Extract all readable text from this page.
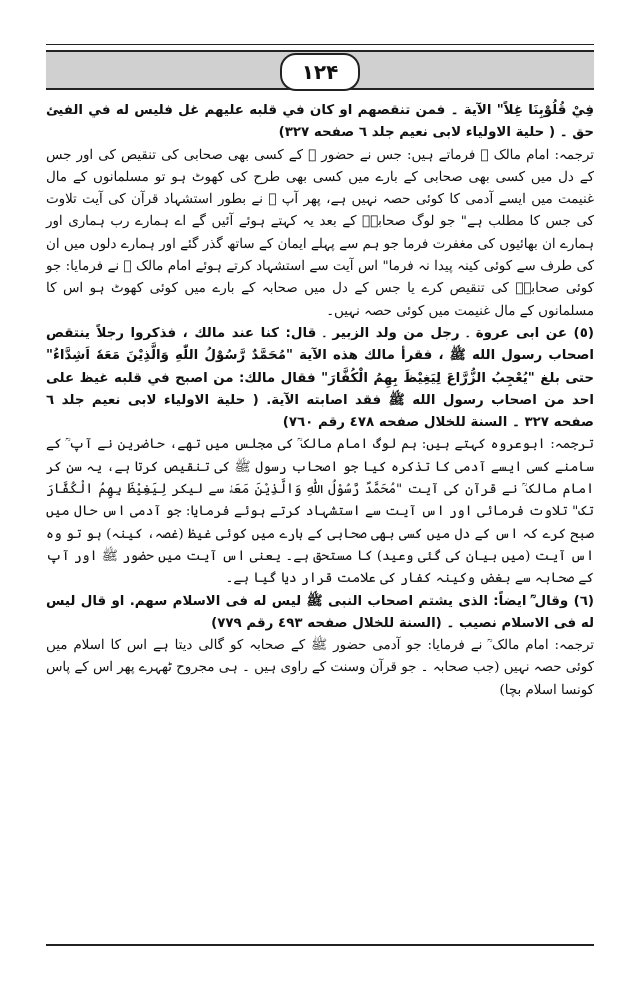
۱۲۴

فِيْ قُلُوْبِنَا غِلاً" الآية ۔ فمن تنقصهم او كان في قلبه عليهم غل فليس له في الفيئ حق ۔ ( حلية الاولياء لابی نعیم جلد ٦ صفحه ٣٢٧)

ترجمہ: امام مالک ؒ فرماتے ہیں: جس نے حضور ﷺ کے کسی بھی صحابی کی تنقیص کی اور جس کے دل میں کسی بھی صحابی کے بارے میں کسی بھی طرح کی کھوٹ ہو تو مسلمانوں کے مال غنیمت میں ایسے آدمی کا کوئی حصہ نہیں ہے، پھر آپ ؒ نے بطور استشہاد قرآن کی آیت تلاوت کی جس کا مطلب ہے" جو لوگ صحابہؓ کے بعد یہ کہتے ہوئے آئیں گے اے ہمارے رب ہماری اور ہمارے ان بھائیوں کی مغفرت فرما جو ہم سے پہلے ایمان کے ساتھ گذر گئے اور ہمارے دلوں میں ان کی طرف سے کوئی کینہ پیدا نہ فرما" اس آیت سے استشہاد کرتے ہوئے امام مالک ؒ نے فرمایا: جو کوئی صحابہؓ کی تنقیص کرے یا جس کے دل میں صحابہ کے بارے میں کوئی کھوٹ ہو اس کا مسلمانوں کے مال غنیمت میں کوئی حصہ نہیں۔

(٥) عن ابی عروة ۔ رجل من ولد الزبير ۔ قال: كنا عند مالك ، فذكروا رجلاً ينتقص اصحاب رسول الله ﷺ ، فقرأ مالك هذه الآية "مُحَمَّدٌ رَّسُوْلُ اللّٰهِ وَالَّذِيْنَ مَعَهٗ اَشِدَّاءُ" حتى بلغ "يُعْجِبُ الزُّرَّاعَ لِيَغِيْظَ بِهِمُ الْكُفَّارَ" فقال مالك: من اصبح في قلبه غيظ على احد من اصحاب رسول الله ﷺ فقد اصابته الآية. ( حلية الاولياء لابی نعیم جلد ٦ صفحه ٣٢٧ ۔ السنة للخلال صفحه ٤٧٨ رقم ٧٦٠)

ترجمہ: ابوعروہ کہتے ہیں: ہم لوگ امام مالک ؒ کی مجلس میں تھے، حاضرین نے آپ ؒ کے سامنے کسی ایسے آدمی کا تذکرہ کیا جو اصحاب رسول ﷺ کی تنقیص کرتا ہے، یہ سن کر امام مالک ؒ نے قرآن کی آیت "مُحَمَّدٌ رَّسُوْلُ اللّٰهِ وَالَّذِيْنَ مَعَهٗ سے لیکر لِيَغِيْظَ بِهِمُ الْكُفَّارَ تک" تلاوت فرمائی اور اس آیت سے استشہاد کرتے ہوئے فرمایا: جو آدمی اس حال میں صبح کرے کہ اس کے دل میں کسی بھی صحابی کے بارے میں کوئی غیظ (غصہ، کینہ) ہو تو وہ اس آیت (میں بیان کی گئی وعید) کا مستحق ہے۔ یعنی اس آیت میں حضور ﷺ اور آپ کے صحابہ سے بغض وکینہ کفار کی علامت قرار دیا گیا ہے۔

(٦) وقال ؒ ايضاً: الذی يشتم اصحاب النبی ﷺ ليس له فی الاسلام سهم. او قال ليس له فی الاسلام نصيب ۔ (السنة للخلال صفحه ٤٩٣ رقم ٧٧٩)

ترجمہ: امام مالک ؒ نے فرمایا: جو آدمی حضور ﷺ کے صحابہ کو گالی دیتا ہے اس کا اسلام میں کوئی حصہ نہیں (جب صحابہ ۔ جو قرآن وسنت کے راوی ہیں ۔ ہی مجروح ٹھہرے پھر اس کے پاس کونسا اسلام بچا)
